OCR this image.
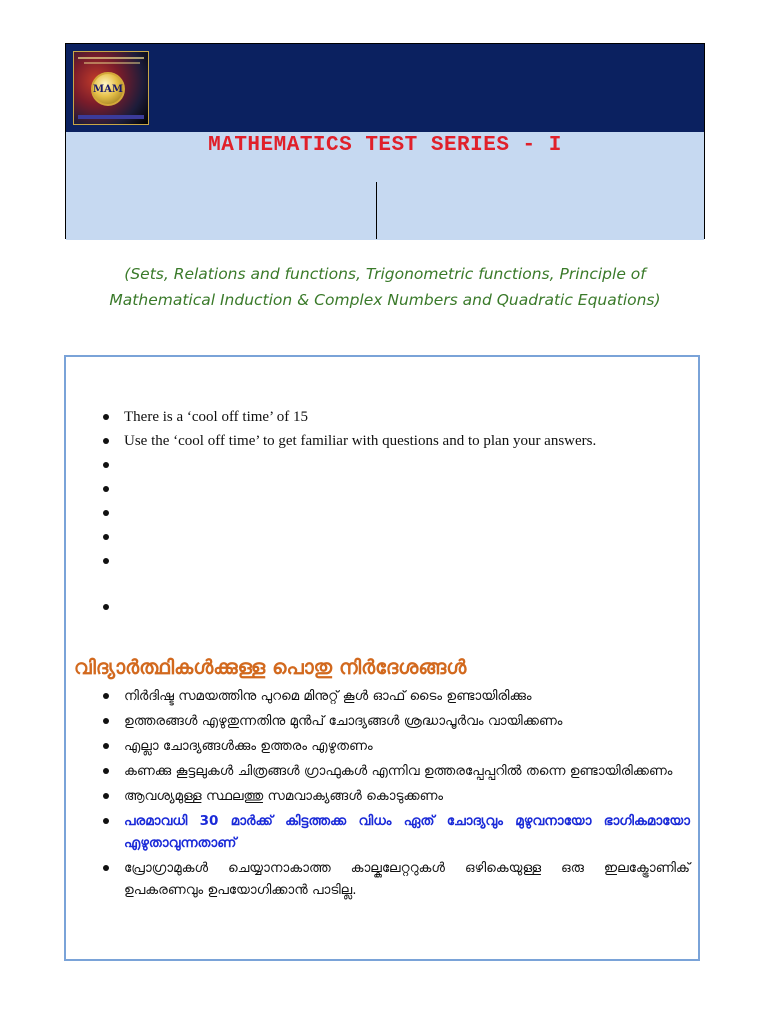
MAM
MATHEMATICS TEST SERIES - I
(Sets, Relations and functions, Trigonometric functions, Principle of
Mathematical Induction & Complex Numbers and Quadratic Equations)
There is a ‘cool off time’ of 15
Use the ‘cool off time’ to get familiar with questions and to plan your answers.
വിദ്യാർത്ഥികൾക്കുള്ള പൊതു നിർദേശങ്ങൾ
നിർദിഷ്ട സമയത്തിനു പുറമെ മിനുറ്റ് കൂൾ ഓഫ് ടൈം ഉണ്ടായിരിക്കും
ഉത്തരങ്ങൾ എഴുതുന്നതിനു മുൻപ് ചോദ്യങ്ങൾ ശ്രദ്ധാപൂർവം വായിക്കണം
എല്ലാ ചോദ്യങ്ങൾക്കും ഉത്തരം എഴുതണം
കണക്കു കൂട്ടലുകൾ ചിത്രങ്ങൾ ഗ്രാഫുകൾ എന്നിവ ഉത്തരപ്പേപ്പറിൽ തന്നെ ഉണ്ടായിരിക്കണം
ആവശ്യമുള്ള സ്ഥലത്തു സമവാക്യങ്ങൾ കൊടുക്കണം
പരമാവധി 30 മാർക്ക് കിട്ടത്തക്ക വിധം ഏത് ചോദ്യവും മുഴുവനായോ ഭാഗികമായോ എഴുതാവുന്നതാണ്
പ്രോഗ്രാമുകൾ ചെയ്യാനാകാത്ത കാല്കുലേറ്ററുകൾ ഒഴികെയുള്ള ഒരു ഇലക്ട്രോണിക് ഉപകരണവും ഉപയോഗിക്കാൻ പാടില്ല.
